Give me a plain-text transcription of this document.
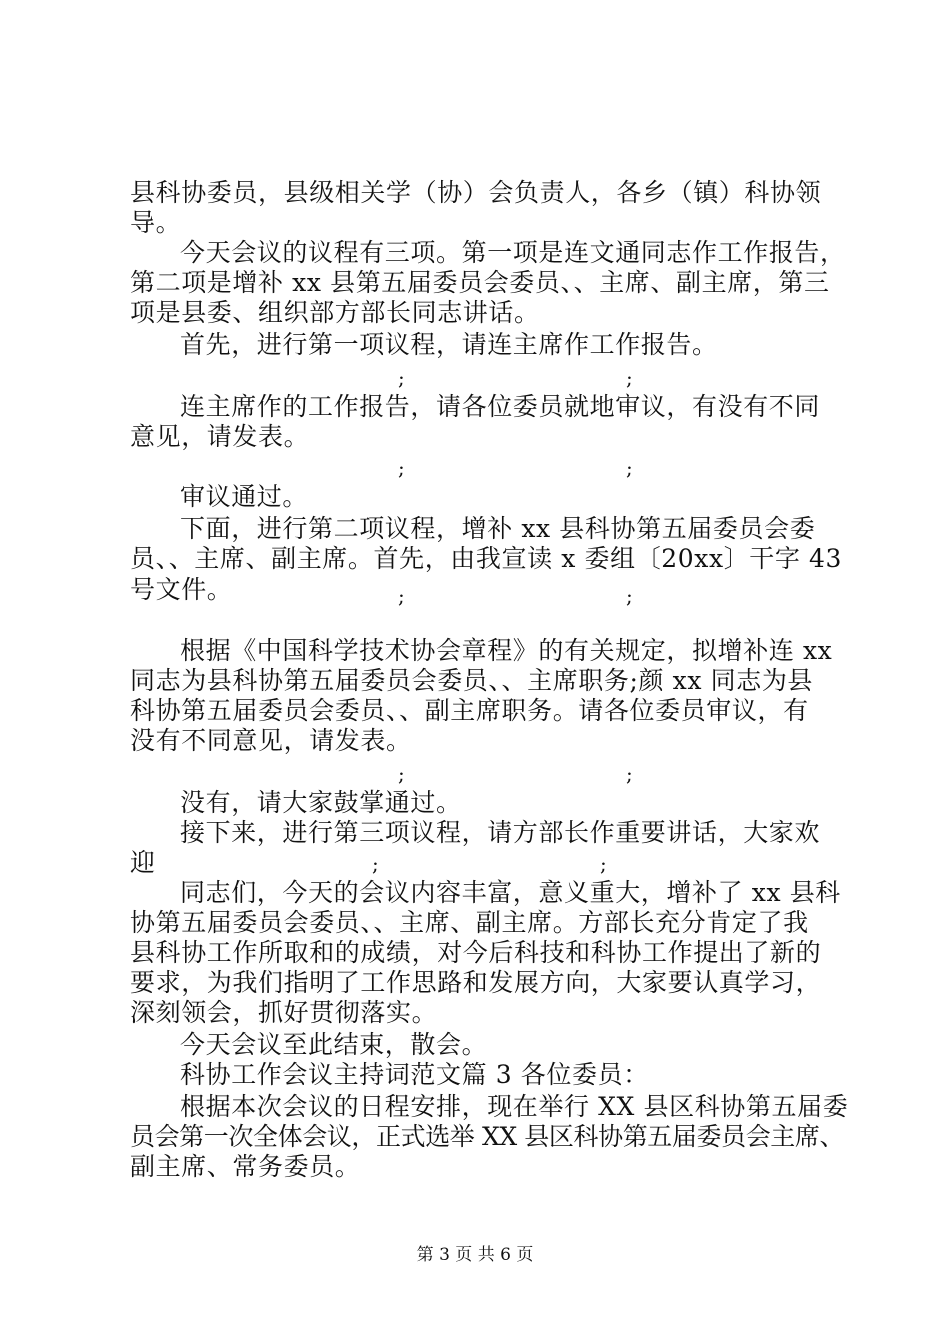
县科协委员，县级相关学（协）会负责人，各乡（镇）科协领
导。
今天会议的议程有三项。第一项是连文通同志作工作报告，
第二项是增补 xx 县第五届委员会委员、、主席、副主席，第三
项是县委、组织部方部长同志讲话。
首先，进行第一项议程，请连主席作工作报告。
;	;
连主席作的工作报告，请各位委员就地审议，有没有不同
意见，请发表。
;	;
审议通过。
下面，进行第二项议程，增补 xx 县科协第五届委员会委
员、、主席、副主席。首先，由我宣读 x 委组〔20xx〕干字 43
号文件。	;	;
根据《中国科学技术协会章程》的有关规定，拟增补连 xx
同志为县科协第五届委员会委员、、主席职务;颜 xx 同志为县
科协第五届委员会委员、、副主席职务。请各位委员审议，有
没有不同意见，请发表。
;	;
没有，请大家鼓掌通过。
接下来，进行第三项议程，请方部长作重要讲话，大家欢
迎	;	;
同志们，今天的会议内容丰富，意义重大，增补了 xx 县科
协第五届委员会委员、、主席、副主席。方部长充分肯定了我
县科协工作所取和的成绩，对今后科技和科协工作提出了新的
要求，为我们指明了工作思路和发展方向，大家要认真学习，
深刻领会，抓好贯彻落实。
今天会议至此结束，散会。
科协工作会议主持词范文篇 3 各位委员：
根据本次会议的日程安排，现在举行 XX 县区科协第五届委
员会第一次全体会议，正式选举 XX 县区科协第五届委员会主席、
副主席、常务委员。
第 3 页 共 6 页
